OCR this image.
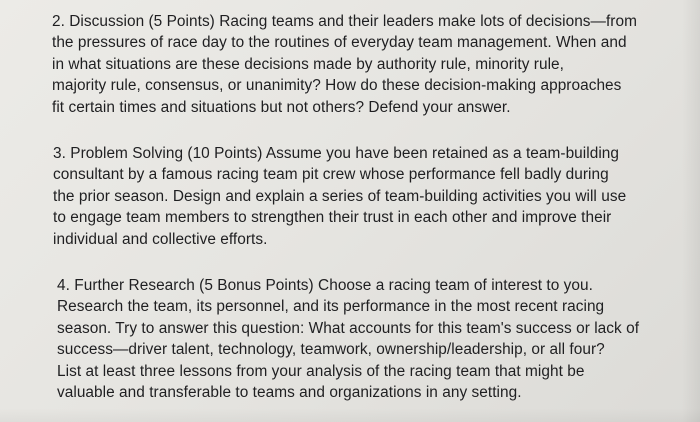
2. Discussion (5 Points) Racing teams and their leaders make lots of decisions—from
the pressures of race day to the routines of everyday team management. When and
in what situations are these decisions made by authority rule, minority rule,
majority rule, consensus, or unanimity? How do these decision-making approaches
fit certain times and situations but not others? Defend your answer.
3. Problem Solving (10 Points) Assume you have been retained as a team-building
consultant by a famous racing team pit crew whose performance fell badly during
the prior season. Design and explain a series of team-building activities you will use
to engage team members to strengthen their trust in each other and improve their
individual and collective efforts.
4. Further Research (5 Bonus Points) Choose a racing team of interest to you.
Research the team, its personnel, and its performance in the most recent racing
season. Try to answer this question: What accounts for this team's success or lack of
success—driver talent, technology, teamwork, ownership/leadership, or all four?
List at least three lessons from your analysis of the racing team that might be
valuable and transferable to teams and organizations in any setting.
